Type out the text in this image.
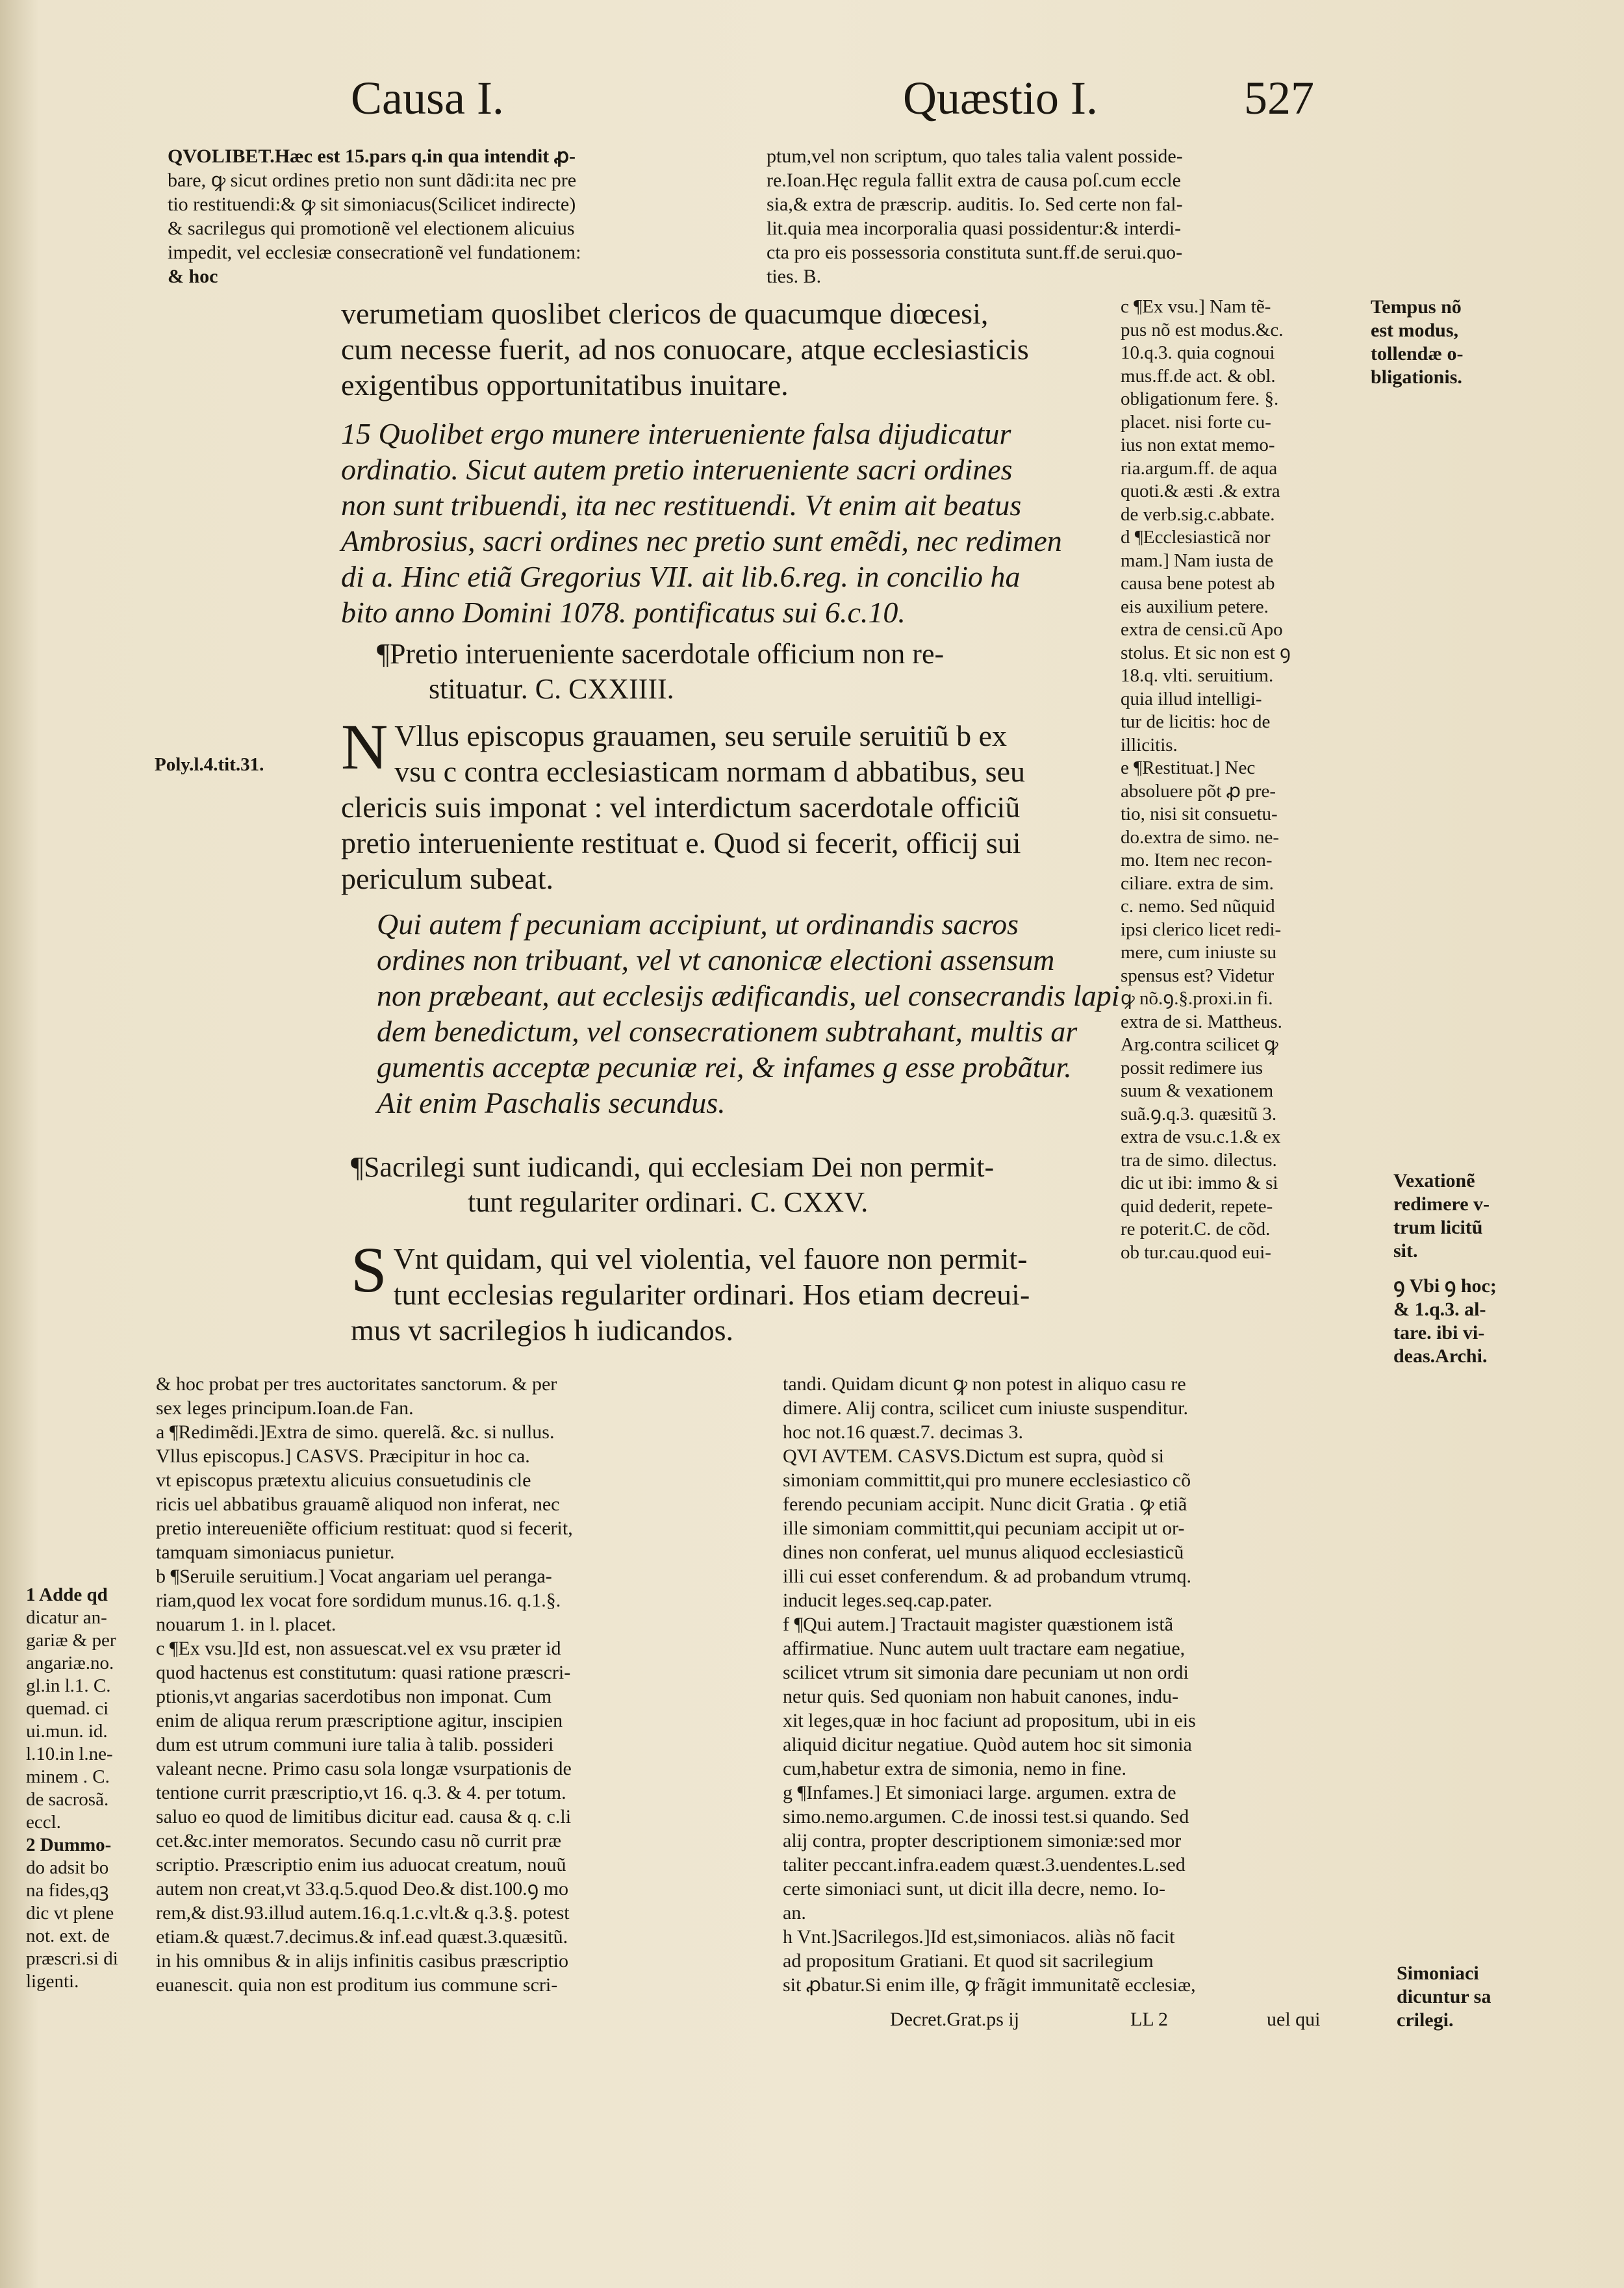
Causa I.	Quæstio I.	527
QVOLIBET.Hæc est 15.pars q.in qua intendit ꝓ-
bare, ꝙ sicut ordines pretio non sunt dãdi:ita nec pre
tio restituendi:& ꝙ sit simoniacus(Scilicet indirecte)
& sacrilegus qui promotionẽ vel electionem alicuius
impedit, vel ecclesiæ consecrationẽ vel fundationem:
& hoc
ptum,vel non scriptum, quo tales talia valent posside-
re.Ioan.Hęc regula fallit extra de causa poſ.cum eccle
sia,& extra de præscrip. auditis. Io. Sed certe non fal-
lit.quia mea incorporalia quasi possidentur:& interdi-
cta pro eis possessoria constituta sunt.ff.de serui.quo-
ties. B.
verumetiam quoslibet clericos de quacumque diœcesi,
cum necesse fuerit, ad nos conuocare, atque ecclesiasticis
exigentibus opportunitatibus inuitare.
15 Quolibet ergo munere interueniente falsa dijudicatur
ordinatio. Sicut autem pretio interueniente sacri ordines
non sunt tribuendi, ita nec restituendi. Vt enim ait beatus
Ambrosius, sacri ordines nec pretio sunt emẽdi, nec redimen
di a. Hinc etiã Gregorius VII. ait lib.6.reg. in concilio ha
bito anno Domini 1078. pontificatus sui 6.c.10.
¶Pretio interueniente sacerdotale officium non re-
stituatur. C. CXXIIII.
N Vllus episcopus grauamen, seu seruile seruitiũ b ex
vsu c contra ecclesiasticam normam d abbatibus, seu
clericis suis imponat : vel interdictum sacerdotale officiũ
pretio interueniente restituat e. Quod si fecerit, officij sui
periculum subeat.
Qui autem f pecuniam accipiunt, ut ordinandis sacros
ordines non tribuant, vel vt canonicæ electioni assensum
non præbeant, aut ecclesijs ædificandis, uel consecrandis lapi
dem benedictum, vel consecrationem subtrahant, multis ar
gumentis acceptæ pecuniæ rei, & infames g esse probãtur.
Ait enim Paschalis secundus.
¶Sacrilegi sunt iudicandi, qui ecclesiam Dei non permit-
tunt regulariter ordinari. C. CXXV.
S Vnt quidam, qui vel violentia, vel fauore non permit-
tunt ecclesias regulariter ordinari. Hos etiam decreui-
mus vt sacrilegios h iudicandos.
c ¶Ex vsu.] Nam tẽ-
pus nõ est modus.&c.
10.q.3. quia cognoui
mus.ff.de act. & obl.
obligationum fere. §.
placet. nisi forte cu-
ius non extat memo-
ria.argum.ff. de aqua
quoti.& æsti .& extra
de verb.sig.c.abbate.
d ¶Ecclesiasticã nor
mam.] Nam iusta de
causa bene potest ab
eis auxilium petere.
extra de censi.cũ Apo
stolus. Et sic non est ꝯ
18.q. vlti. seruitium.
quia illud intelligi-
tur de licitis: hoc de
illicitis.
e ¶Restituat.] Nec
absoluere põt ꝓ pre-
tio, nisi sit consuetu-
do.extra de simo. ne-
mo. Item nec recon-
ciliare. extra de sim.
c. nemo. Sed nũquid
ipsi clerico licet redi-
mere, cum iniuste su
spensus est? Videtur
ꝙ nõ.ꝯ.§.proxi.in fi.
extra de si. Mattheus.
Arg.contra scilicet ꝙ
possit redimere ius
suum & vexationem
suã.ꝯ.q.3. quæsitũ 3.
extra de vsu.c.1.& ex
tra de simo. dilectus.
dic ut ibi: immo & si
quid dederit, repete-
re poterit.C. de cõd.
ob tur.cau.quod eui-
Tempus nõ
est modus,
tollendæ o-
bligationis.
Vexationẽ
redimere v-
trum licitũ
sit.
ꝯ Vbi ꝯ hoc;
& 1.q.3. al-
tare. ibi vi-
deas.Archi.
Simoniaci
dicuntur sa
crilegi.
Poly.l.4.tit.31.
1 Adde qd
dicatur an-
gariæ & per
angariæ.no.
gl.in l.1. C.
quemad. ci
ui.mun. id.
l.10.in l.ne-
minem . C.
de sacrosã.
eccl.
2 Dummo-
do adsit bo
na fides,qꝫ
dic vt plene
not. ext. de
præscri.si di
ligenti.
& hoc probat per tres auctoritates sanctorum. & per
sex leges principum.Ioan.de Fan.
a ¶Redimẽdi.]Extra de simo. querelã. &c. si nullus.
Vllus episcopus.] CASVS. Præcipitur in hoc ca.
vt episcopus prætextu alicuius consuetudinis cle
ricis uel abbatibus grauamẽ aliquod non inferat, nec
pretio intereueniẽte officium restituat: quod si fecerit,
tamquam simoniacus punietur.
b ¶Seruile seruitium.] Vocat angariam uel peranga-
riam,quod lex vocat fore sordidum munus.16. q.1.§.
nouarum 1. in l. placet.
c ¶Ex vsu.]Id est, non assuescat.vel ex vsu præter id
quod hactenus est constitutum: quasi ratione præscri-
ptionis,vt angarias sacerdotibus non imponat. Cum
enim de aliqua rerum præscriptione agitur, inscipien
dum est utrum communi iure talia à talib. possideri
valeant necne. Primo casu sola longæ vsurpationis de
tentione currit præscriptio,vt 16. q.3. & 4. per totum.
saluo eo quod de limitibus dicitur ead. causa & q. c.li
cet.&c.inter memoratos. Secundo casu nõ currit præ
scriptio. Præscriptio enim ius aduocat creatum, nouũ
autem non creat,vt 33.q.5.quod Deo.& dist.100.ꝯ mo
rem,& dist.93.illud autem.16.q.1.c.vlt.& q.3.§. potest
etiam.& quæst.7.decimus.& inf.ead quæst.3.quæsitũ.
in his omnibus & in alijs infinitis casibus præscriptio
euanescit. quia non est proditum ius commune scri-
tandi. Quidam dicunt ꝙ non potest in aliquo casu re
dimere. Alij contra, scilicet cum iniuste suspenditur.
hoc not.16 quæst.7. decimas 3.
QVI AVTEM. CASVS.Dictum est supra, quòd si
simoniam committit,qui pro munere ecclesiastico cõ
ferendo pecuniam accipit. Nunc dicit Gratia . ꝙ etiã
ille simoniam committit,qui pecuniam accipit ut or-
dines non conferat, uel munus aliquod ecclesiasticũ
illi cui esset conferendum. & ad probandum vtrumq.
inducit leges.seq.cap.pater.
f ¶Qui autem.] Tractauit magister quæstionem istã
affirmatiue. Nunc autem uult tractare eam negatiue,
scilicet vtrum sit simonia dare pecuniam ut non ordi
netur quis. Sed quoniam non habuit canones, indu-
xit leges,quæ in hoc faciunt ad propositum, ubi in eis
aliquid dicitur negatiue. Quòd autem hoc sit simonia
cum,habetur extra de simonia, nemo in fine.
g ¶Infames.] Et simoniaci large. argumen. extra de
simo.nemo.argumen. C.de inossi test.si quando. Sed
alij contra, propter descriptionem simoniæ:sed mor
taliter peccant.infra.eadem quæst.3.uendentes.L.sed
certe simoniaci sunt, ut dicit illa decre, nemo. Io-
an.
h Vnt.]Sacrilegos.]Id est,simoniacos. aliàs nõ facit
ad propositum Gratiani. Et quod sit sacrilegium
sit ꝓbatur.Si enim ille, ꝙ frãgit immunitatẽ ecclesiæ,
Decret.Grat.ps ij	LL 2	uel qui
